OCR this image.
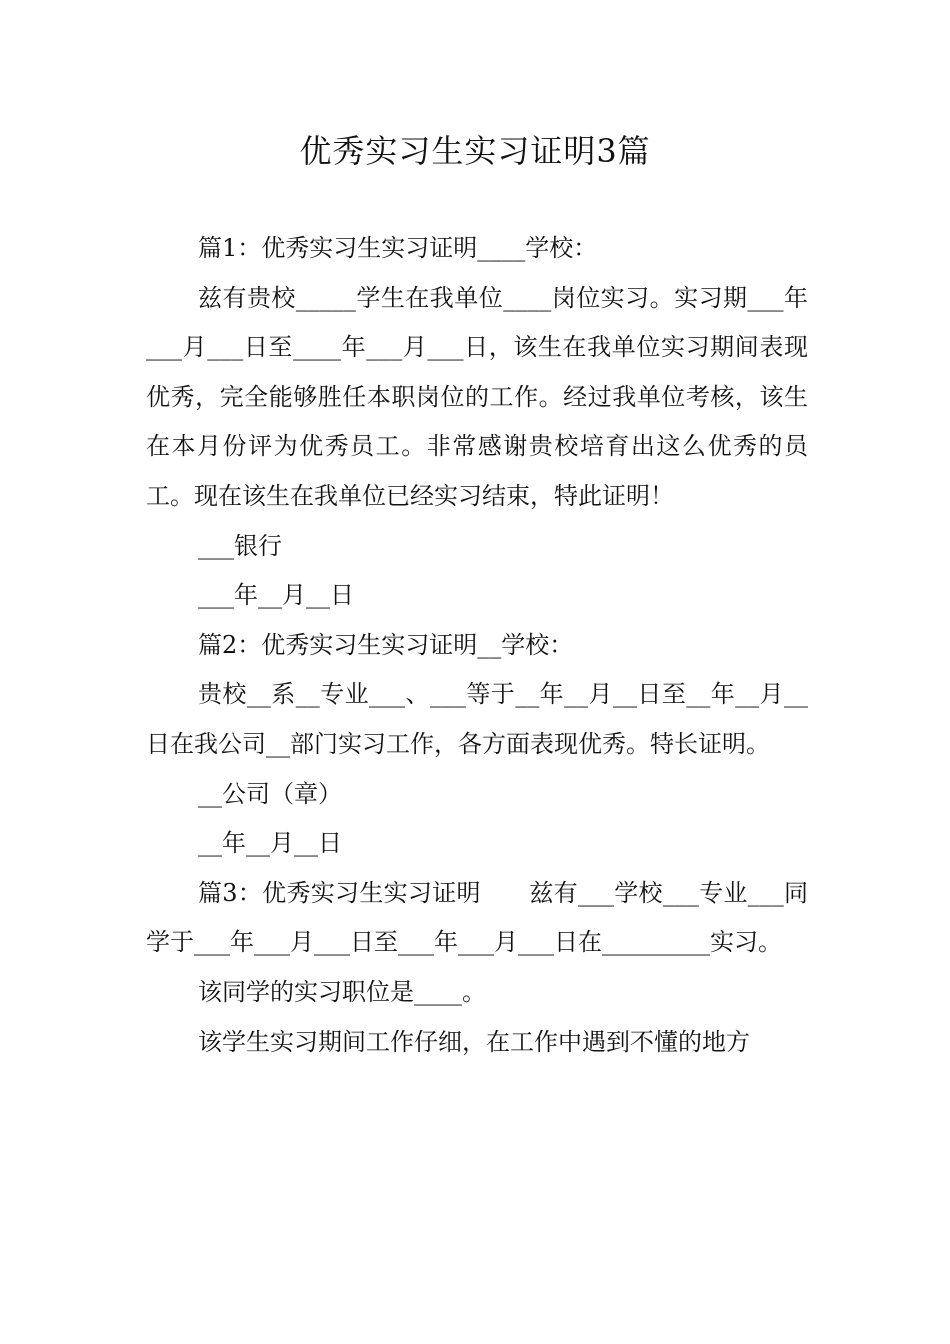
优秀实习生实习证明3篇

篇1：优秀实习生实习证明____学校：

兹有贵校_____学生在我单位____岗位实习。实习期___年___月___日至____年___月___日，该生在我单位实习期间表现优秀，完全能够胜任本职岗位的工作。经过我单位考核，该生在本月份评为优秀员工。非常感谢贵校培育出这么优秀的员工。现在该生在我单位已经实习结束，特此证明！

___银行

___年__月__日

篇2：优秀实习生实习证明__学校：

贵校__系__专业___、___等于__年__月__日至__年__月__日在我公司__部门实习工作，各方面表现优秀。特长证明。

__公司（章）

__年__月__日

篇3：优秀实习生实习证明　　兹有___学校___专业___同学于___年___月___日至___年___月___日在_________实习。

该同学的实习职位是____。

该学生实习期间工作仔细，在工作中遇到不懂的地方
